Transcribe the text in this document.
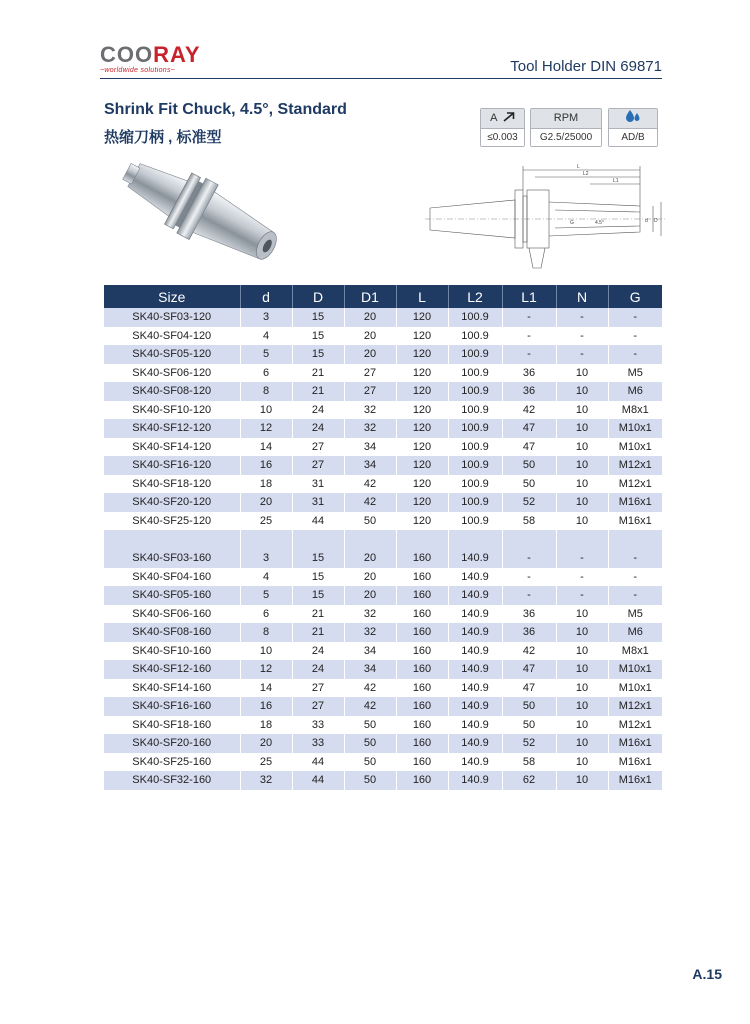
COORAY
~worldwide solutions~	Tool Holder DIN 69871
Shrink Fit Chuck, 4.5°, Standard
热缩刀柄 , 标准型
A
≤0.003
RPM
G2.5/25000	AD/B
L
L2
L1
G	4.5°	d D
Size	d	D	D1	L	L2	L1	N	G
SK40-SF03-120	3	15	20	120	100.9	-	-	-
SK40-SF04-120	4	15	20	120	100.9	-	-	-
SK40-SF05-120	5	15	20	120	100.9	-	-	-
SK40-SF06-120	6	21	27	120	100.9	36	10	M5
SK40-SF08-120	8	21	27	120	100.9	36	10	M6
SK40-SF10-120	10	24	32	120	100.9	42	10	M8x1
SK40-SF12-120	12	24	32	120	100.9	47	10	M10x1
SK40-SF14-120	14	27	34	120	100.9	47	10	M10x1
SK40-SF16-120	16	27	34	120	100.9	50	10	M12x1
SK40-SF18-120	18	31	42	120	100.9	50	10	M12x1
SK40-SF20-120	20	31	42	120	100.9	52	10	M16x1
SK40-SF25-120	25	44	50	120	100.9	58	10	M16x1

SK40-SF03-160	3	15	20	160	140.9	-	-	-
SK40-SF04-160	4	15	20	160	140.9	-	-	-
SK40-SF05-160	5	15	20	160	140.9	-	-	-
SK40-SF06-160	6	21	32	160	140.9	36	10	M5
SK40-SF08-160	8	21	32	160	140.9	36	10	M6
SK40-SF10-160	10	24	34	160	140.9	42	10	M8x1
SK40-SF12-160	12	24	34	160	140.9	47	10	M10x1
SK40-SF14-160	14	27	42	160	140.9	47	10	M10x1
SK40-SF16-160	16	27	42	160	140.9	50	10	M12x1
SK40-SF18-160	18	33	50	160	140.9	50	10	M12x1
SK40-SF20-160	20	33	50	160	140.9	52	10	M16x1
SK40-SF25-160	25	44	50	160	140.9	58	10	M16x1
SK40-SF32-160	32	44	50	160	140.9	62	10	M16x1
A.15
